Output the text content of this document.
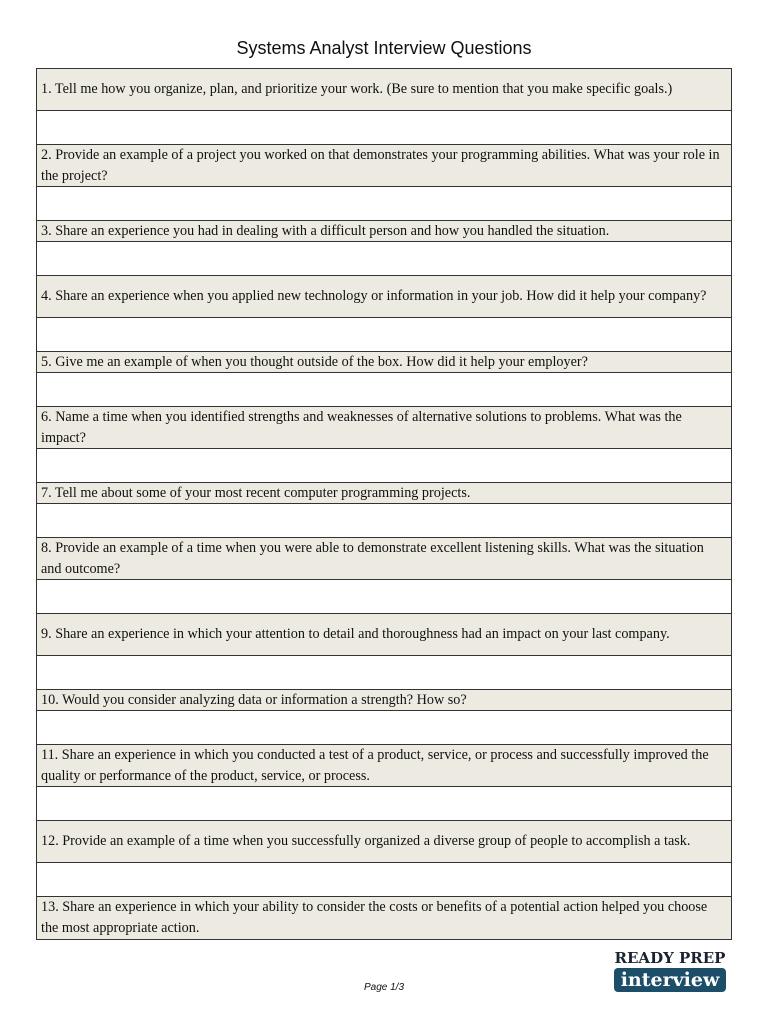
Systems Analyst Interview Questions
1. Tell me how you organize, plan, and prioritize your work. (Be sure to mention that you make specific goals.)
2. Provide an example of a project you worked on that demonstrates your programming abilities. What was your role in the project?
3. Share an experience you had in dealing with a difficult person and how you handled the situation.
4. Share an experience when you applied new technology or information in your job. How did it help your company?
5. Give me an example of when you thought outside of the box. How did it help your employer?
6. Name a time when you identified strengths and weaknesses of alternative solutions to problems. What was the impact?
7. Tell me about some of your most recent computer programming projects.
8. Provide an example of a time when you were able to demonstrate excellent listening skills. What was the situation and outcome?
9. Share an experience in which your attention to detail and thoroughness had an impact on your last company.
10. Would you consider analyzing data or information a strength? How so?
11. Share an experience in which you conducted a test of a product, service, or process and successfully improved the quality or performance of the product, service, or process.
12. Provide an example of a time when you successfully organized a diverse group of people to accomplish a task.
13. Share an experience in which your ability to consider the costs or benefits of a potential action helped you choose the most appropriate action.
Page 1/3
READY PREP
interview
